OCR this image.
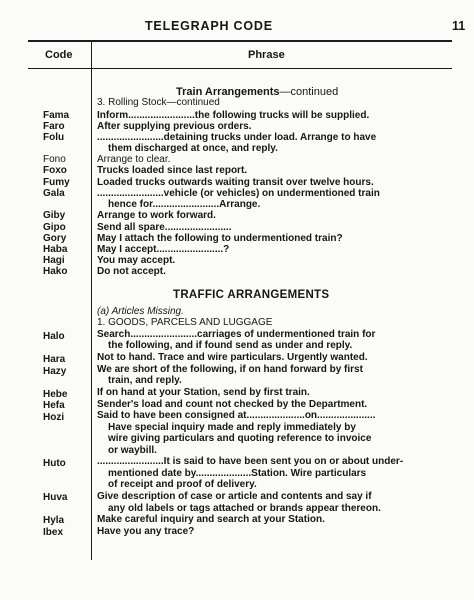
TELEGRAPH CODE	11
Code	Phrase
Train Arrangements—continued
3. Rolling Stock—continued
Fama
Faro
Folu
Fono
Foxo
Fumy
Gala
Giby
Gipo
Gory
Haba
Hagi
Hako
Inform........................the following trucks will be supplied.
After supplying previous orders.
........................detaining trucks under load. Arrange to have
them discharged at once, and reply.
Arrange to clear.
Trucks loaded since last report.
Loaded trucks outwards waiting transit over twelve hours.
........................vehicle (or vehicles) on undermentioned train
hence for........................Arrange.
Arrange to work forward.
Send all spare........................
May I attach the following to undermentioned train?
May I accept........................?
You may accept.
Do not accept.
TRAFFIC ARRANGEMENTS
(a) Articles Missing.
1. GOODS, PARCELS AND LUGGAGE
Halo
Hara
Hazy
Hebe
Hefa
Hozi
Huto
Huva
Hyla
Ibex
Search........................carriages of undermentioned train for
the following, and if found send as under and reply.
Not to hand. Trace and wire particulars. Urgently wanted.
We are short of the following, if on hand forward by first
train, and reply.
If on hand at your Station, send by first train.
Sender's load and count not checked by the Department.
Said to have been consigned at.....................on.....................
Have special inquiry made and reply immediately by
wire giving particulars and quoting reference to invoice
or waybill.
........................It is said to have been sent you on or about under-
mentioned date by....................Station. Wire particulars
of receipt and proof of delivery.
Give description of case or article and contents and say if
any old labels or tags attached or brands appear thereon.
Make careful inquiry and search at your Station.
Have you any trace?
